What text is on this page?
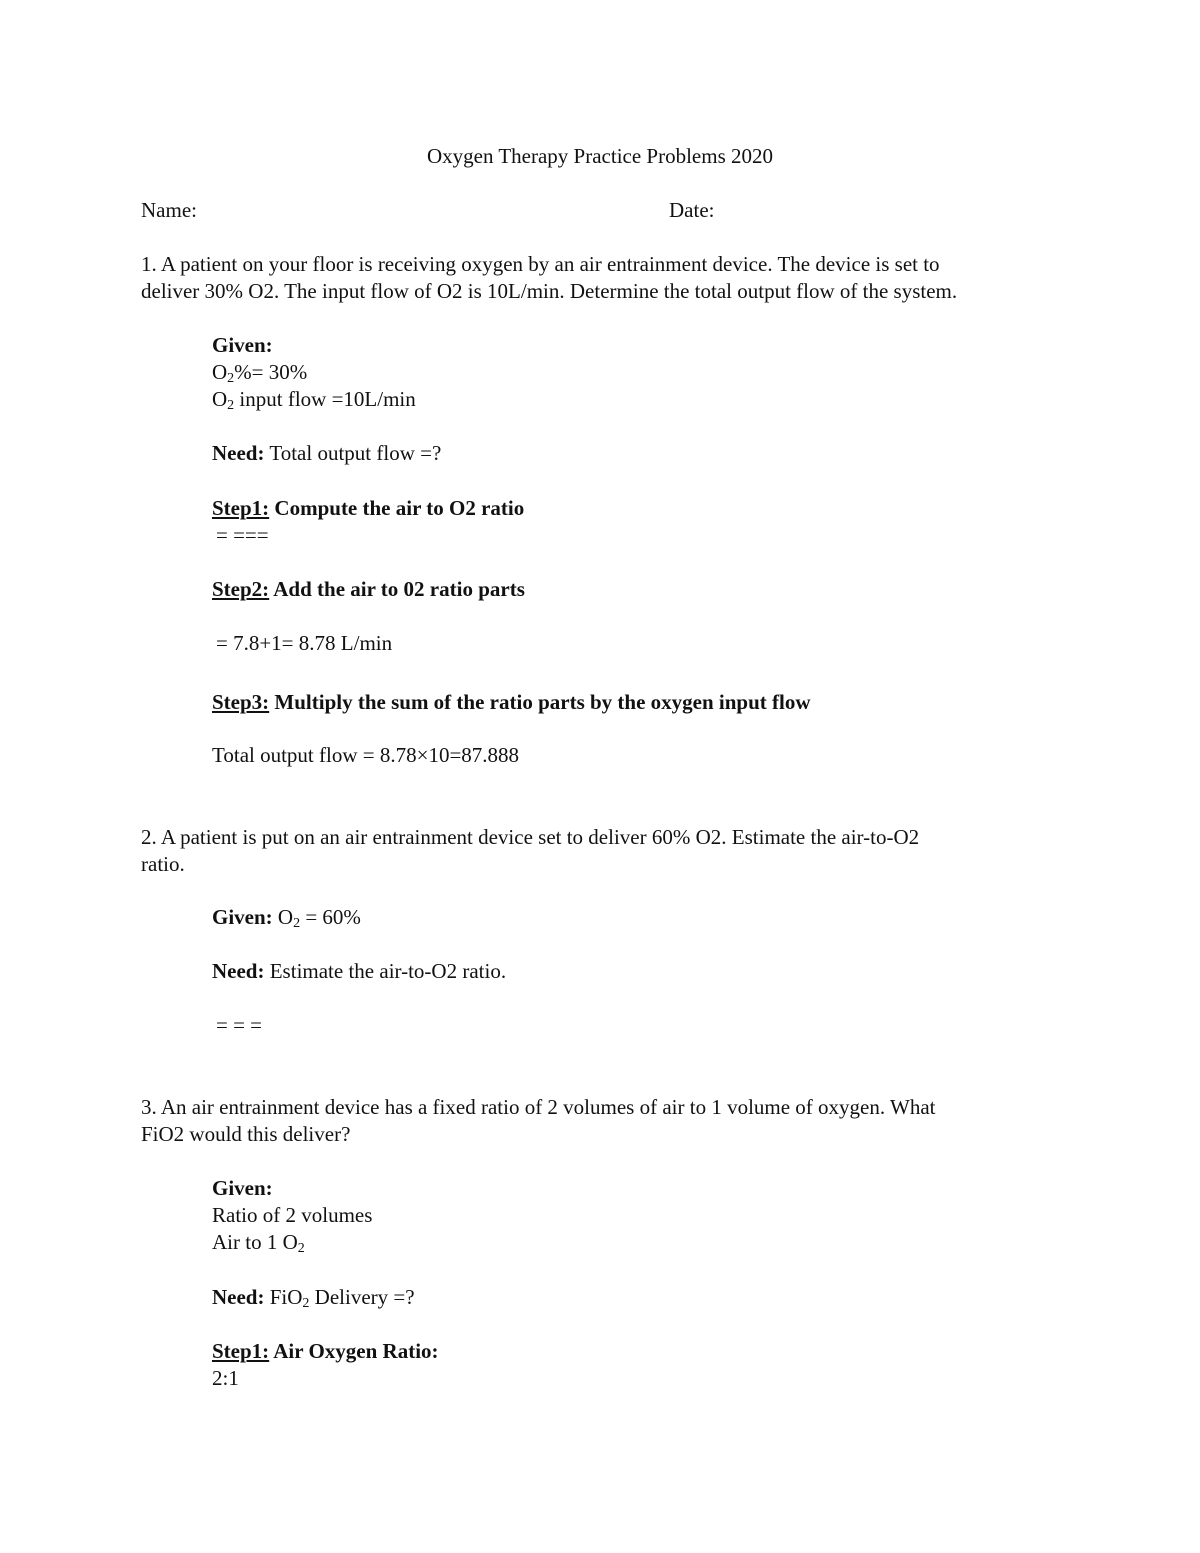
Oxygen Therapy Practice Problems 2020
Name:	Date:
1. A patient on your floor is receiving oxygen by an air entrainment device. The device is set to
deliver 30% O2. The input flow of O2 is 10L/min. Determine the total output flow of the system.
Given:
$O_2\%= 30\%$
$O_2$ input flow =10L/min
Need: Total output flow =?
Step1: Compute the air to O2 ratio
= ===
Step2: Add the air to 02 ratio parts
= 7.8+1= 8.78 L/min
Step3: Multiply the sum of the ratio parts by the oxygen input flow
Total output flow = 8.78×10=87.888
2. A patient is put on an air entrainment device set to deliver 60% O2. Estimate the air-to-O2
ratio.
Given: $O_2 = 60\%$
Need: Estimate the air-to-O2 ratio.
= = =
3. An air entrainment device has a fixed ratio of 2 volumes of air to 1 volume of oxygen. What
FiO2 would this deliver?
Given:
Ratio of 2 volumes
Air to 1 $O_2$
Need: FiO$_2$ Delivery =?
Step1: Air Oxygen Ratio:
2:1
